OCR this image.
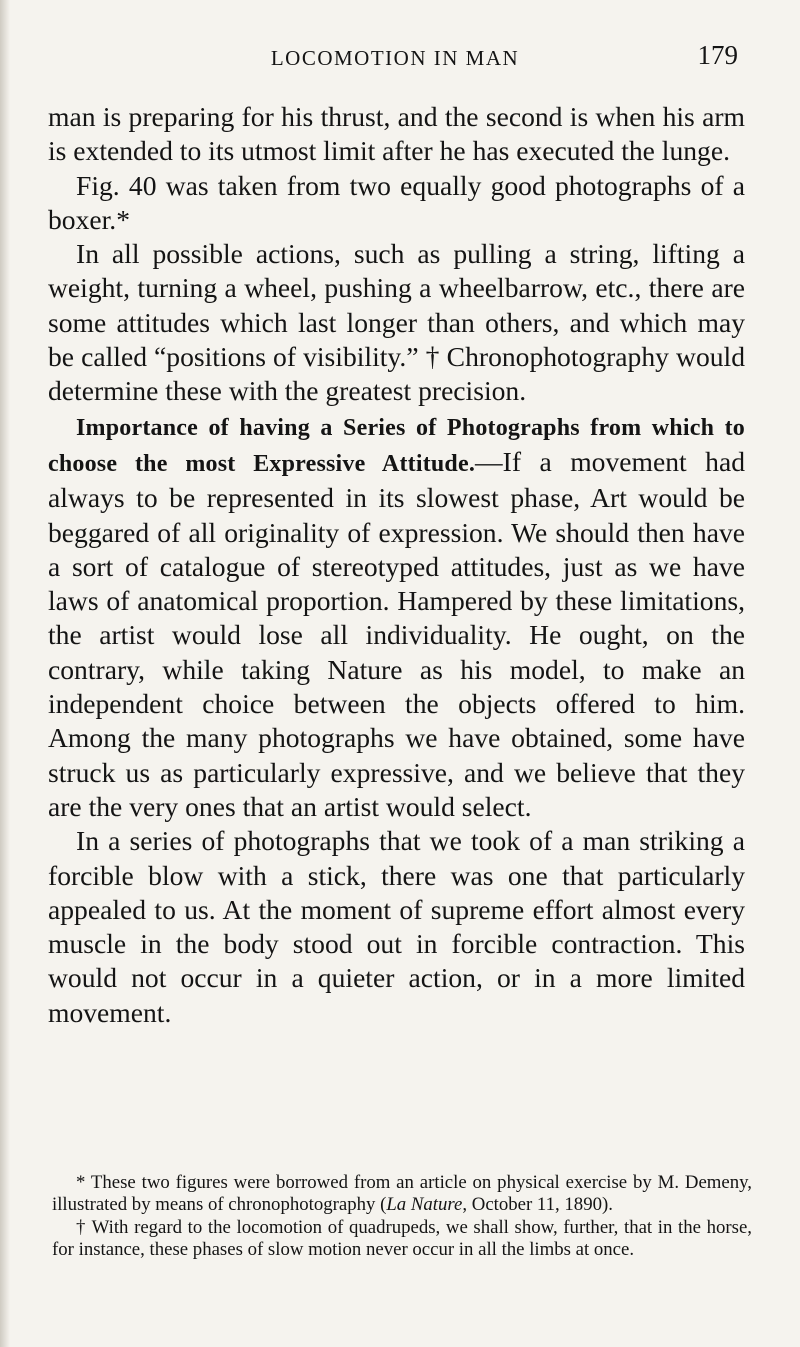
LOCOMOTION IN MAN	179

man is preparing for his thrust, and the second is when his arm is extended to its utmost limit after he has executed the lunge.

Fig. 40 was taken from two equally good photographs of a boxer.*

In all possible actions, such as pulling a string, lifting a weight, turning a wheel, pushing a wheelbarrow, etc., there are some attitudes which last longer than others, and which may be called “positions of visibility.” † Chronophotography would determine these with the greatest precision.

Importance of having a Series of Photographs from which to choose the most Expressive Attitude.—If a movement had always to be represented in its slowest phase, Art would be beggared of all originality of expression. We should then have a sort of catalogue of stereotyped attitudes, just as we have laws of anatomical proportion. Hampered by these limitations, the artist would lose all individuality. He ought, on the contrary, while taking Nature as his model, to make an independent choice between the objects offered to him. Among the many photographs we have obtained, some have struck us as particularly expressive, and we believe that they are the very ones that an artist would select.

In a series of photographs that we took of a man striking a forcible blow with a stick, there was one that particularly appealed to us. At the moment of supreme effort almost every muscle in the body stood out in forcible contraction. This would not occur in a quieter action, or in a more limited movement.

* These two figures were borrowed from an article on physical exercise by M. Demeny, illustrated by means of chronophotography (La Nature, October 11, 1890).

† With regard to the locomotion of quadrupeds, we shall show, further, that in the horse, for instance, these phases of slow motion never occur in all the limbs at once.
